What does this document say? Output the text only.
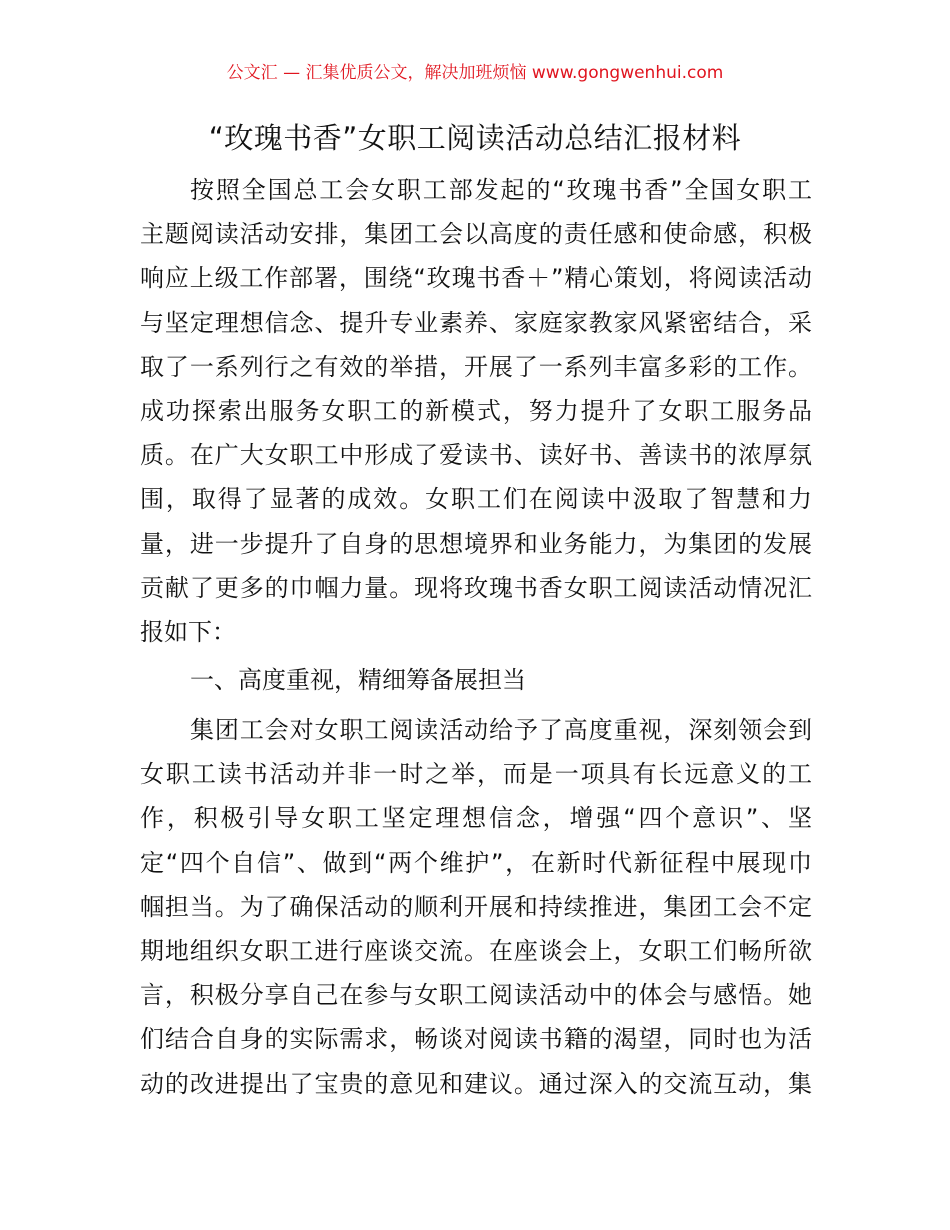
公文汇 — 汇集优质公文，解决加班烦恼 www.gongwenhui.com
“玫瑰书香”女职工阅读活动总结汇报材料
按照全国总工会女职工部发起的“玫瑰书香”全国女职工
主题阅读活动安排，集团工会以高度的责任感和使命感，积极
响应上级工作部署，围绕“玫瑰书香＋”精心策划，将阅读活动
与坚定理想信念、提升专业素养、家庭家教家风紧密结合，采
取了一系列行之有效的举措，开展了一系列丰富多彩的工作。
成功探索出服务女职工的新模式，努力提升了女职工服务品
质。在广大女职工中形成了爱读书、读好书、善读书的浓厚氛
围，取得了显著的成效。女职工们在阅读中汲取了智慧和力
量，进一步提升了自身的思想境界和业务能力，为集团的发展
贡献了更多的巾帼力量。现将玫瑰书香女职工阅读活动情况汇
报如下：
一、高度重视，精细筹备展担当
集团工会对女职工阅读活动给予了高度重视，深刻领会到
女职工读书活动并非一时之举，而是一项具有长远意义的工
作，积极引导女职工坚定理想信念，增强“四个意识”、坚
定“四个自信”、做到“两个维护”，在新时代新征程中展现巾
帼担当。为了确保活动的顺利开展和持续推进，集团工会不定
期地组织女职工进行座谈交流。在座谈会上，女职工们畅所欲
言，积极分享自己在参与女职工阅读活动中的体会与感悟。她
们结合自身的实际需求，畅谈对阅读书籍的渴望，同时也为活
动的改进提出了宝贵的意见和建议。通过深入的交流互动，集
